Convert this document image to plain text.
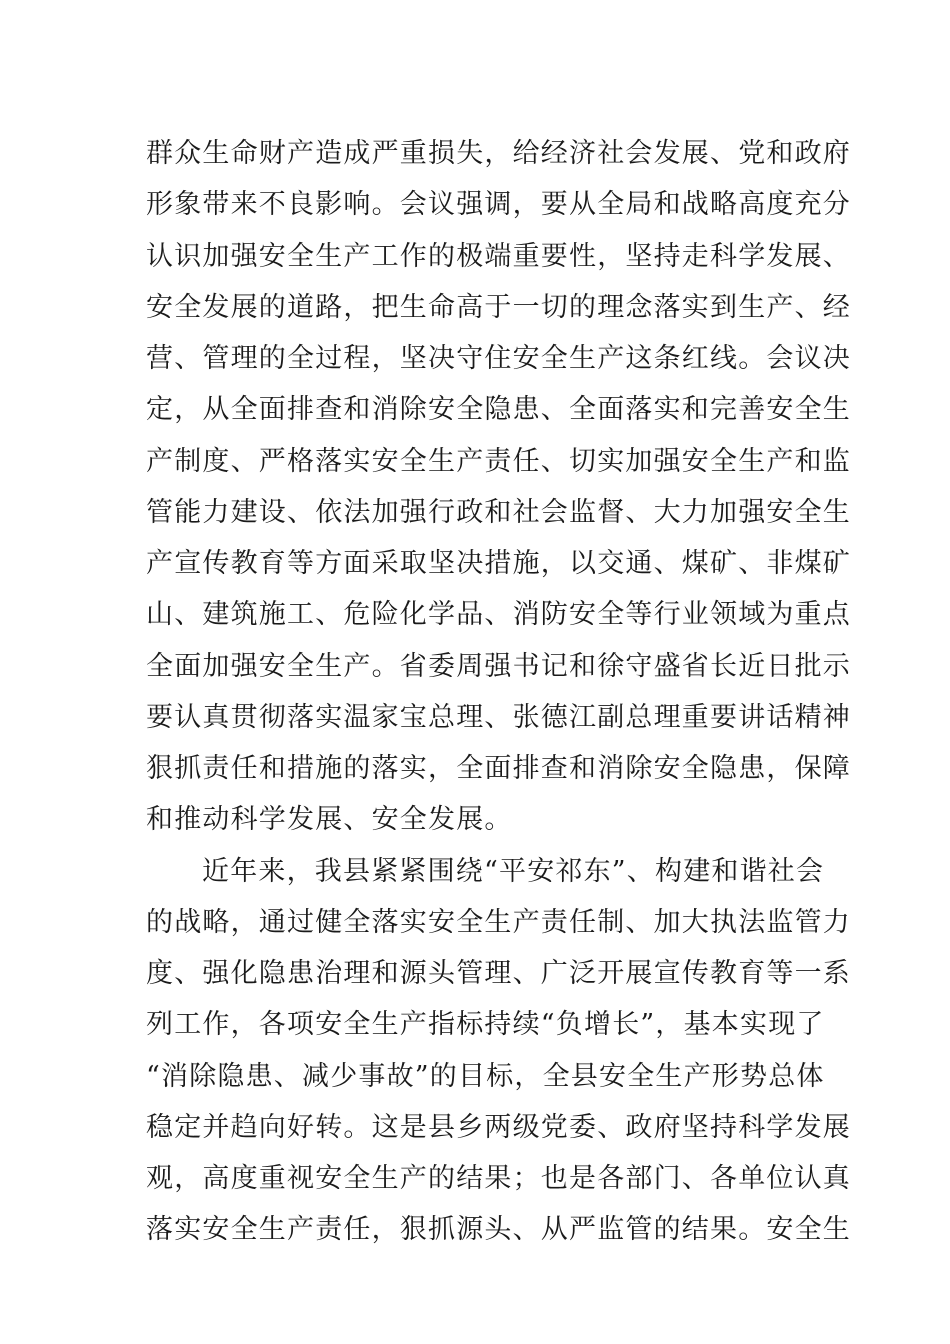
群众生命财产造成严重损失，给经济社会发展、党和政府
形象带来不良影响。会议强调，要从全局和战略高度充分
认识加强安全生产工作的极端重要性，坚持走科学发展、
安全发展的道路，把生命高于一切的理念落实到生产、经
营、管理的全过程，坚决守住安全生产这条红线。会议决
定，从全面排查和消除安全隐患、全面落实和完善安全生
产制度、严格落实安全生产责任、切实加强安全生产和监
管能力建设、依法加强行政和社会监督、大力加强安全生
产宣传教育等方面采取坚决措施，以交通、煤矿、非煤矿
山、建筑施工、危险化学品、消防安全等行业领域为重点
全面加强安全生产。省委周强书记和徐守盛省长近日批示
要认真贯彻落实温家宝总理、张德江副总理重要讲话精神
狠抓责任和措施的落实，全面排查和消除安全隐患，保障
和推动科学发展、安全发展。
近年来，我县紧紧围绕“平安祁东”、构建和谐社会
的战略，通过健全落实安全生产责任制、加大执法监管力
度、强化隐患治理和源头管理、广泛开展宣传教育等一系
列工作，各项安全生产指标持续“负增长”，基本实现了
“消除隐患、减少事故”的目标，全县安全生产形势总体
稳定并趋向好转。这是县乡两级党委、政府坚持科学发展
观，高度重视安全生产的结果；也是各部门、各单位认真
落实安全生产责任，狠抓源头、从严监管的结果。安全生
